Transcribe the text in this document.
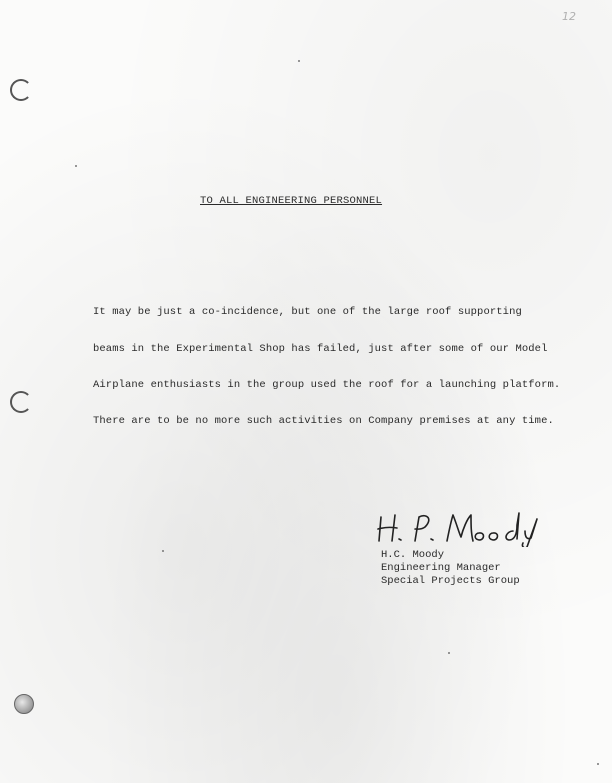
12
TO ALL ENGINEERING PERSONNEL
It may be just a co-incidence, but one of the large roof supporting
beams in the Experimental Shop has failed, just after some of our Model
Airplane enthusiasts in the group used the roof for a launching platform.
There are to be no more such activities on Company premises at any time.
H.C. Moody
Engineering Manager
Special Projects Group
